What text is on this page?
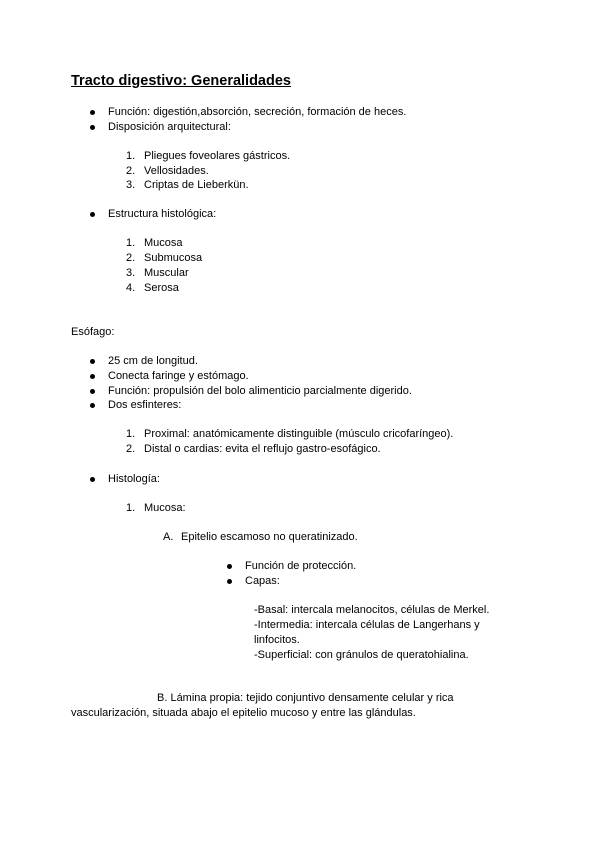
Tracto digestivo: Generalidades
Función: digestión,absorción, secreción, formación de heces.
Disposición arquitectural:
1. Pliegues foveolares gástricos.
2. Vellosidades.
3. Criptas de Lieberkün.
Estructura histológica:
1. Mucosa
2. Submucosa
3. Muscular
4. Serosa
Esófago:
25 cm de longitud.
Conecta faringe y estómago.
Función: propulsión del bolo alimenticio parcialmente digerido.
Dos esfinteres:
1. Proximal: anatómicamente distinguible (músculo cricofaríngeo).
2. Distal o cardias: evita el reflujo gastro-esofágico.
Histología:
1. Mucosa:
A. Epitelio escamoso no queratinizado.
Función de protección.
Capas:
-Basal: intercala melanocitos, células de Merkel.
-Intermedia: intercala células de Langerhans y
linfocitos.
-Superficial: con gránulos de queratohialina.
B. Lámina propia: tejido conjuntivo densamente celular y rica
vascularización, situada abajo el epitelio mucoso y entre las glándulas.
